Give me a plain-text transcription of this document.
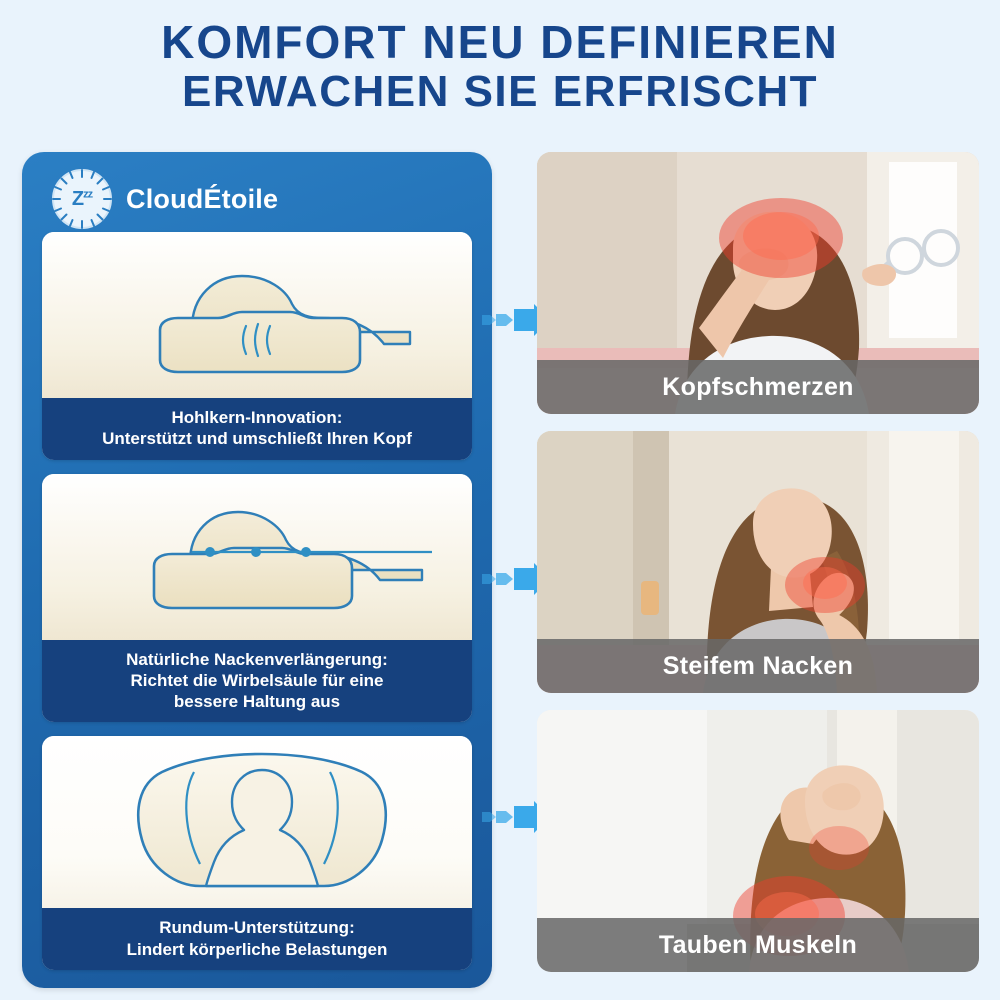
KOMFORT NEU DEFINIEREN
ERWACHEN SIE ERFRISCHT
$Z^{zz}$ CloudÉtoile
Hohlkern-Innovation:
Unterstützt und umschließt Ihren Kopf
Natürliche Nackenverlängerung:
Richtet die Wirbelsäule für eine
bessere Haltung aus
Rundum-Unterstützung:
Lindert körperliche Belastungen
Kopfschmerzen
Steifem Nacken
Tauben Muskeln
